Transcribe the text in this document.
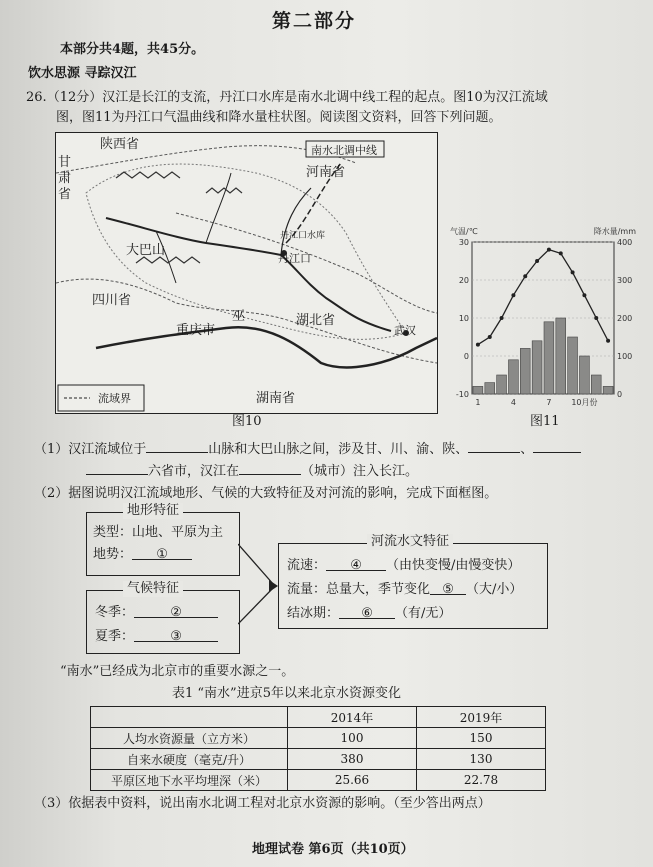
第二部分
本部分共4题，共45分。
饮水思源 寻踪汉江
26.（12分）汉江是长江的支流，丹江口水库是南水北调中线工程的起点。图10为汉江流域
图，图11为丹江口气温曲线和降水量柱状图。阅读图文资料，回答下列问题。
陕西省
甘肃省
南水北调中线
河南省
丹江口水库
丹江口
四川省
大巴山
重庆市
巫	湖北省
武汉
湖南省
流域界
图10
30
20
10
0
-10
400
300
200
100
0
1	4	7 10月份
气温/℃	降水量/mm
图11
（1）汉江流域位于	山脉和大巴山脉之间，涉及甘、川、渝、陕、	、
六省市，汉江在	（城市）注入长江。
（2）据图说明汉江流域地形、气候的大致特征及对河流的影响，完成下面框图。
地形特征
类型：山地、平原为主
地势： ①
气候特征
冬季：	②
夏季：	③
河流水文特征
流速： ④ （由快变慢/由慢变快）
流量：总量大，季节变化 ⑤ （大/小）
结冰期： ⑥ （有/无）
“南水”已经成为北京市的重要水源之一。
表1 “南水”进京5年以来北京水资源变化
	2014年	2019年
人均水资源量（立方米）	100	150
自来水硬度（毫克/升）	380	130
平原区地下水平均埋深（米）	25.66	22.78
（3）依据表中资料，说出南水北调工程对北京水资源的影响。（至少答出两点）
地理试卷 第6页（共10页）
